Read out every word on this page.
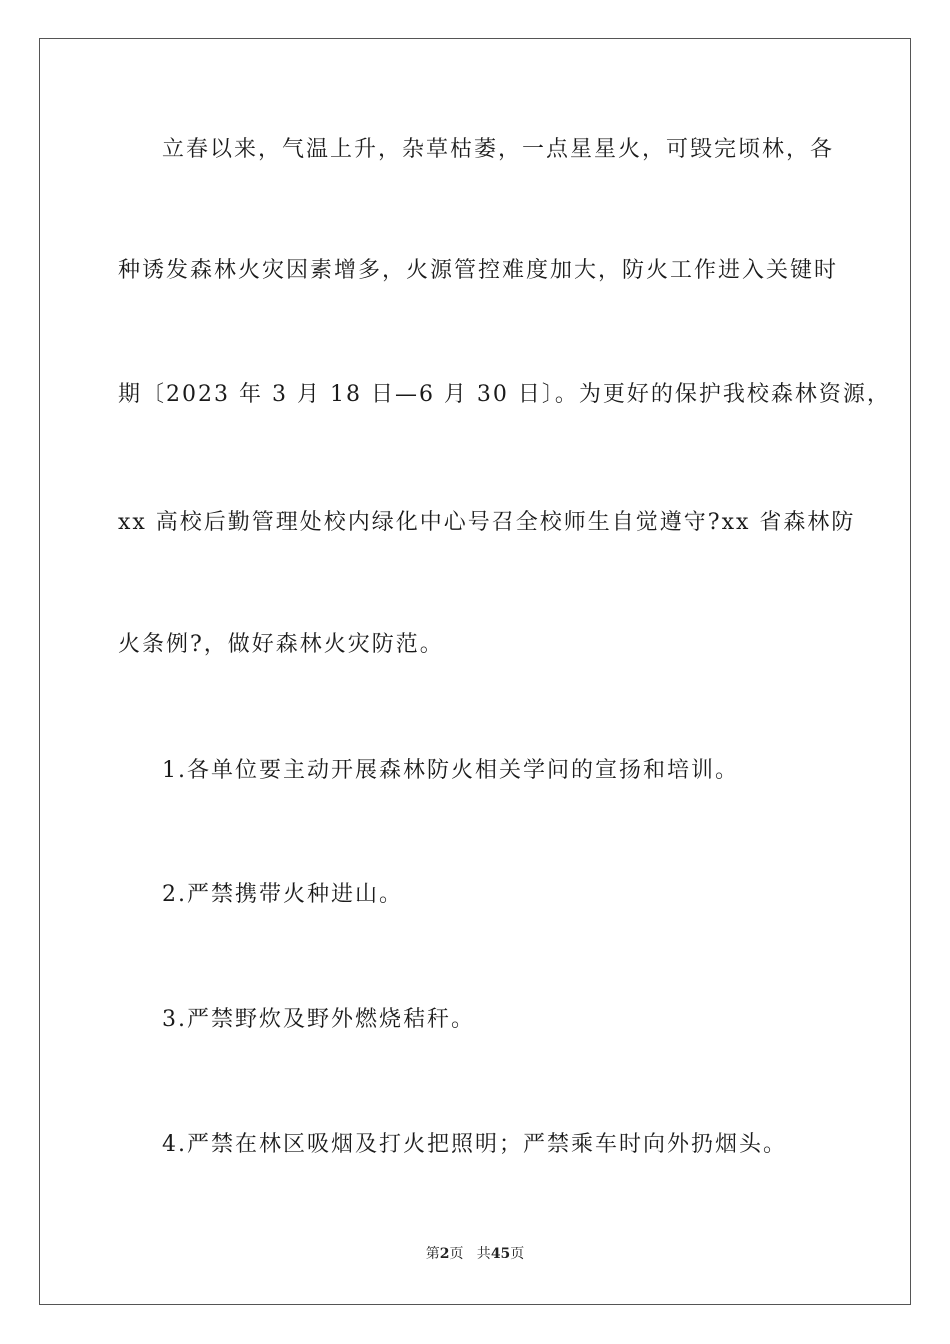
立春以来，气温上升，杂草枯萎，一点星星火，可毁完顷林，各

种诱发森林火灾因素增多，火源管控难度加大，防火工作进入关键时

期〔2023 年 3 月 18 日—6 月 30 日〕。为更好的保护我校森林资源，

xx 高校后勤管理处校内绿化中心号召全校师生自觉遵守?xx 省森林防

火条例?，做好森林火灾防范。

1.各单位要主动开展森林防火相关学问的宣扬和培训。

2.严禁携带火种进山。

3.严禁野炊及野外燃烧秸秆。

4.严禁在林区吸烟及打火把照明；严禁乘车时向外扔烟头。

第2页   共45页
